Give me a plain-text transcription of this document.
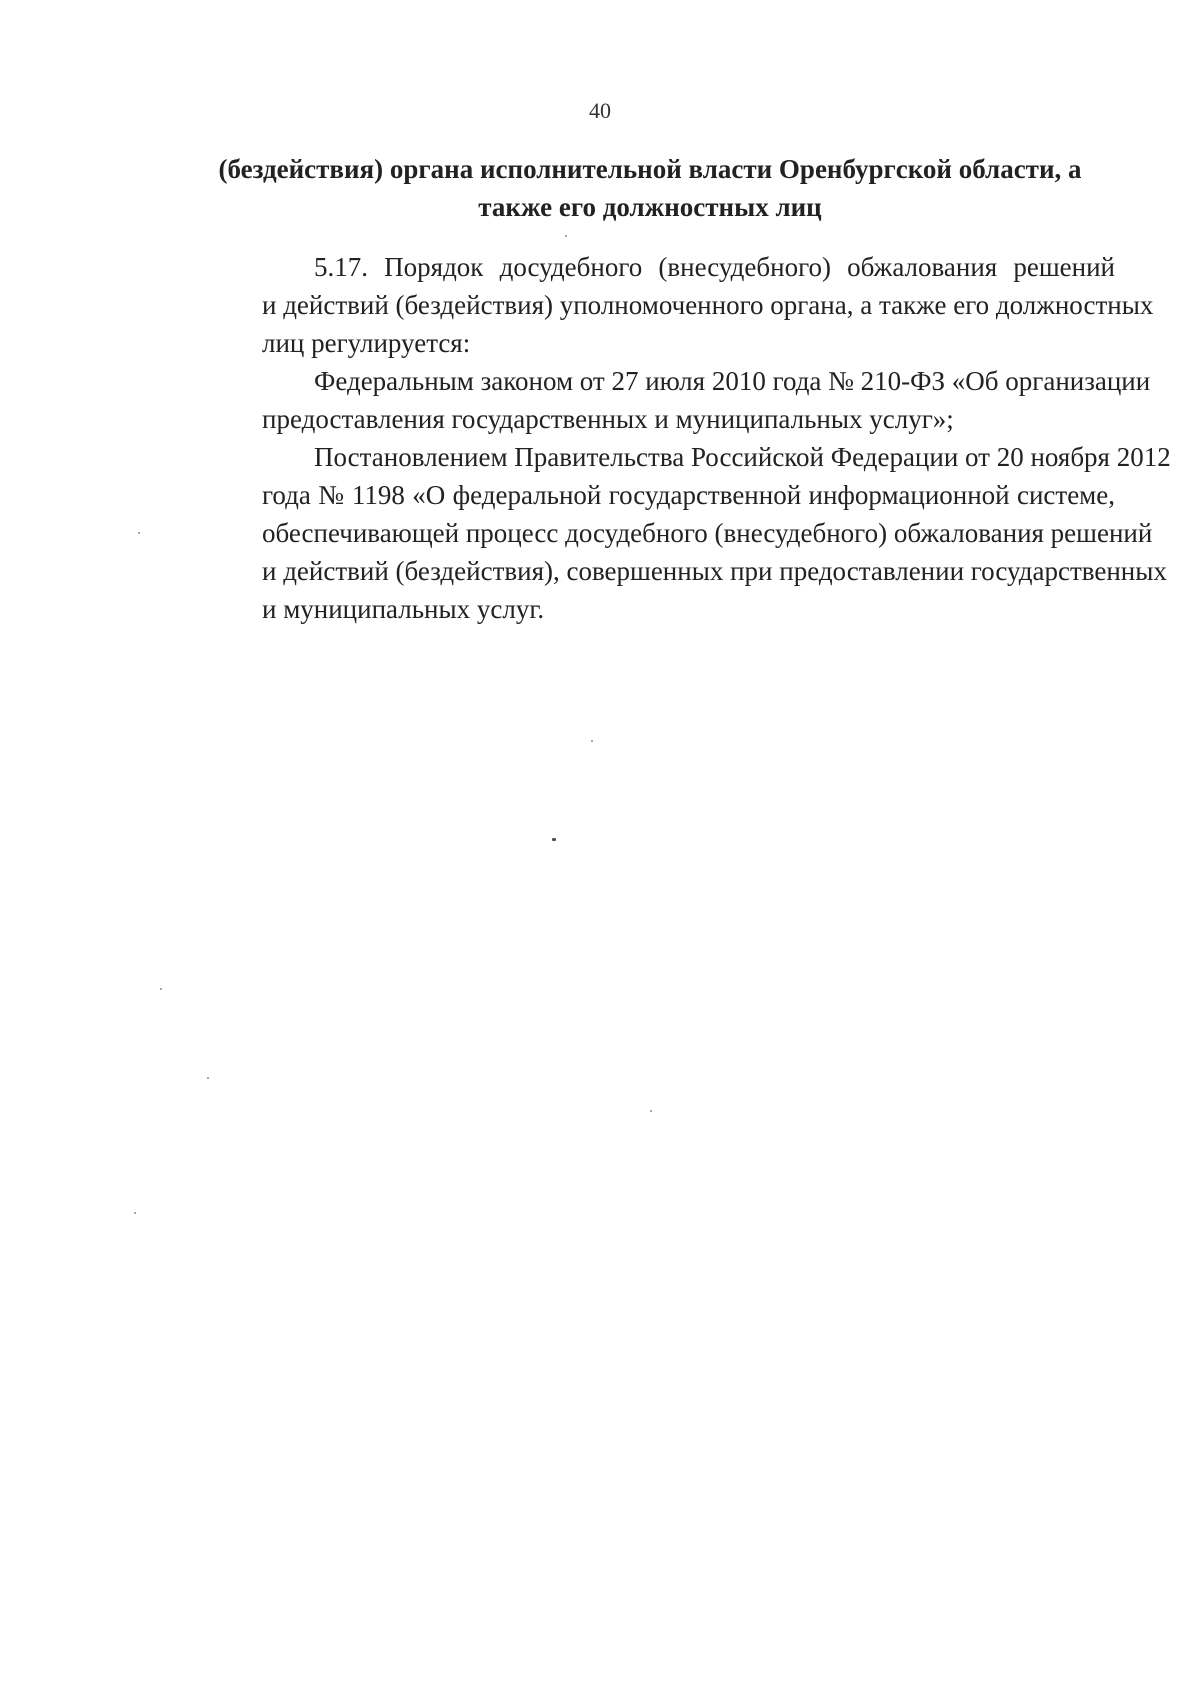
40
(бездействия) органа исполнительной власти Оренбургской области, а
также его должностных лиц
5.17. Порядок досудебного (внесудебного) обжалования решений
и действий (бездействия) уполномоченного органа, а также его должностных
лиц регулируется:
Федеральным законом от 27 июля 2010 года № 210-ФЗ «Об организации
предоставления государственных и муниципальных услуг»;
Постановлением Правительства Российской Федерации от 20 ноября 2012
года № 1198 «О федеральной государственной информационной системе,
обеспечивающей процесс досудебного (внесудебного) обжалования решений
и действий (бездействия), совершенных при предоставлении государственных
и муниципальных услуг.
